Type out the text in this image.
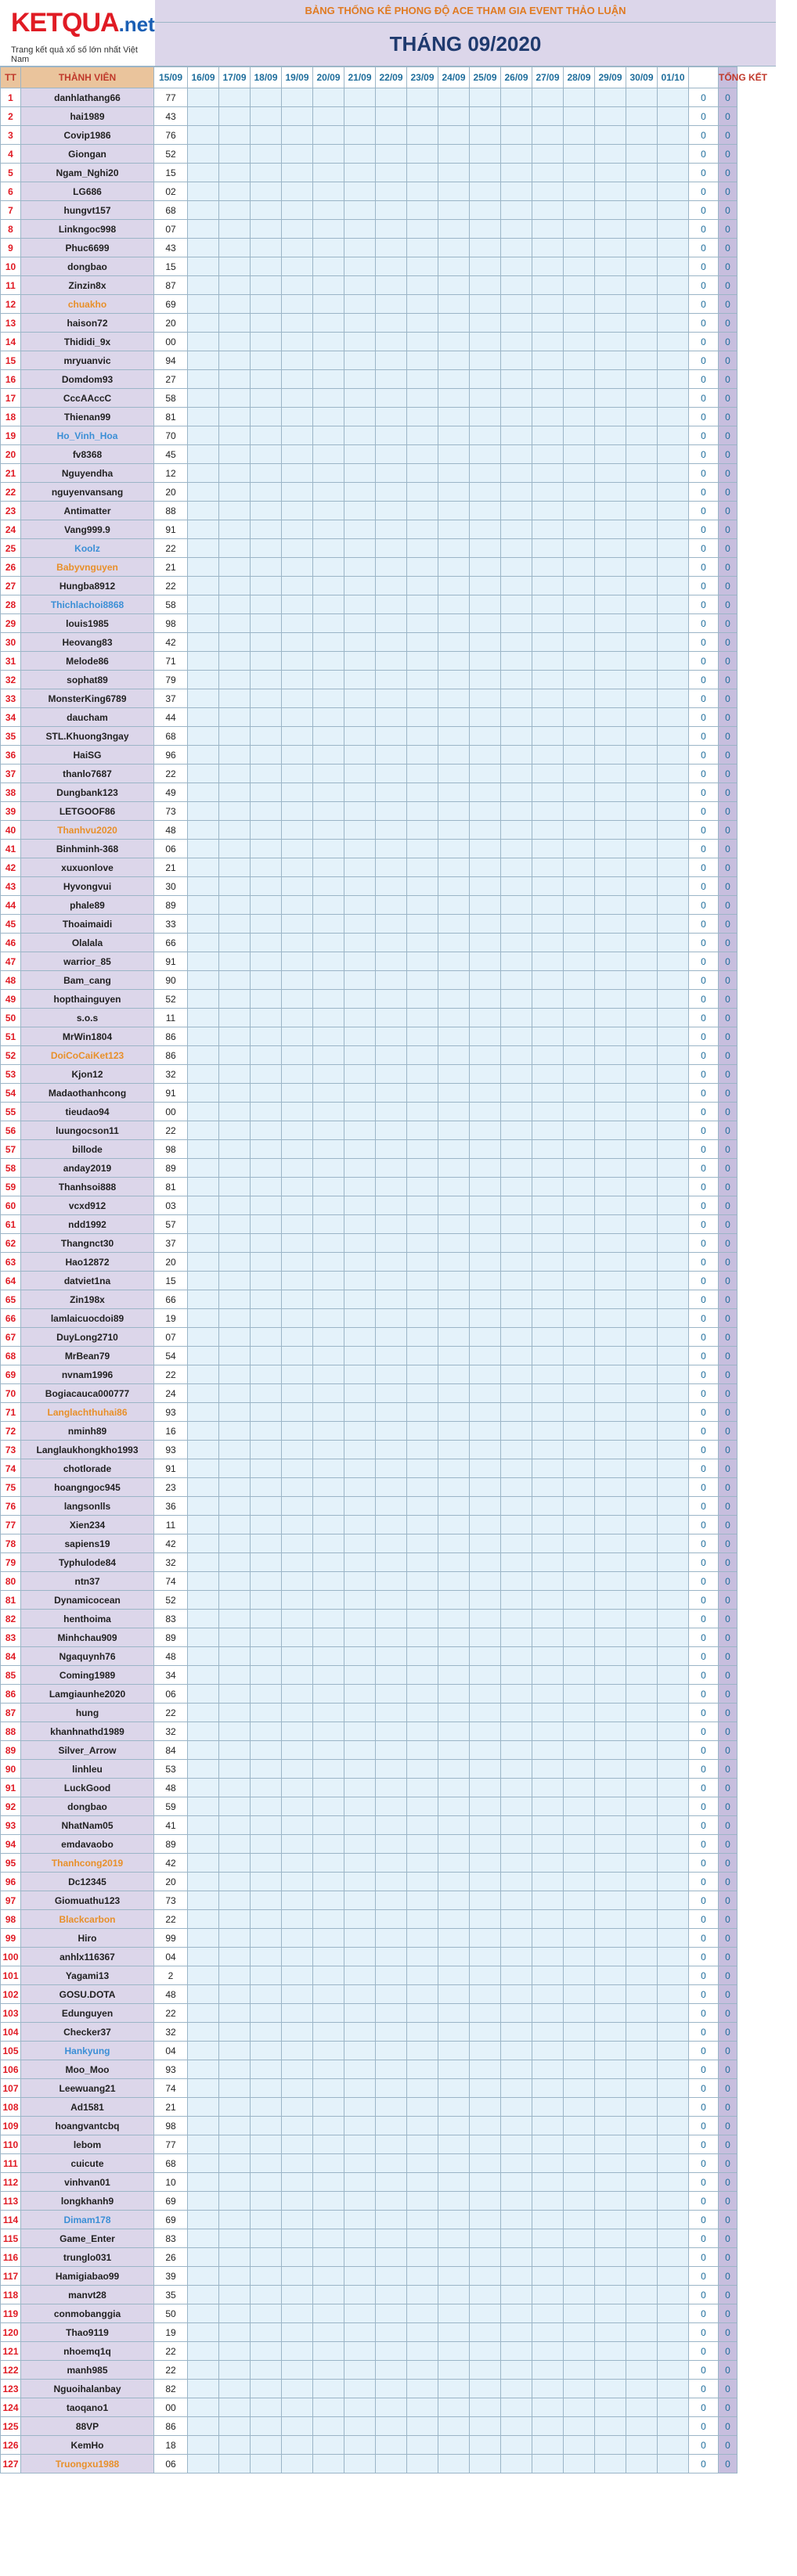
KETQUA.net
Trang kết quả xổ số lớn nhất Việt Nam
BẢNG THỐNG KÊ PHONG ĐỘ ACE THAM GIA EVENT THẢO LUẬN
THÁNG 09/2020
TT	THÀNH VIÊN	15/09	16/09	17/09	18/09	19/09	20/09	21/09	22/09	23/09	24/09	25/09	26/09	27/09	28/09	29/09	30/09	01/10		TỔNG KẾT
1	danhlathang66	77																	0	0
2	hai1989	43																	0	0
3	Covip1986	76																	0	0
4	Giongan	52																	0	0
5	Ngam_Nghi20	15																	0	0
6	LG686	02																	0	0
7	hungvt157	68																	0	0
8	Linkngoc998	07																	0	0
9	Phuc6699	43																	0	0
10	dongbao	15																	0	0
11	Zinzin8x	87																	0	0
12	chuakho	69																	0	0
13	haison72	20																	0	0
14	Thididi_9x	00																	0	0
15	mryuanvic	94																	0	0
16	Domdom93	27																	0	0
17	CccAAccC	58																	0	0
18	Thienan99	81																	0	0
19	Ho_Vinh_Hoa	70																	0	0
20	fv8368	45																	0	0
21	Nguyendha	12																	0	0
22	nguyenvansang	20																	0	0
23	Antimatter	88																	0	0
24	Vang999.9	91																	0	0
25	Koolz	22																	0	0
26	Babyvnguyen	21																	0	0
27	Hungba8912	22																	0	0
28	Thichlachoi8868	58																	0	0
29	louis1985	98																	0	0
30	Heovang83	42																	0	0
31	Melode86	71																	0	0
32	sophat89	79																	0	0
33	MonsterKing6789	37																	0	0
34	daucham	44																	0	0
35	STL.Khuong3ngay	68																	0	0
36	HaiSG	96																	0	0
37	thanlo7687	22																	0	0
38	Dungbank123	49																	0	0
39	LETGOOF86	73																	0	0
40	Thanhvu2020	48																	0	0
41	Binhminh-368	06																	0	0
42	xuxuonlove	21																	0	0
43	Hyvongvui	30																	0	0
44	phale89	89																	0	0
45	Thoaimaidi	33																	0	0
46	Olalala	66																	0	0
47	warrior_85	91																	0	0
48	Bam_cang	90																	0	0
49	hopthainguyen	52																	0	0
50	s.o.s	11																	0	0
51	MrWin1804	86																	0	0
52	DoiCoCaiKet123	86																	0	0
53	Kjon12	32																	0	0
54	Madaothanhcong	91																	0	0
55	tieudao94	00																	0	0
56	luungocson11	22																	0	0
57	billode	98																	0	0
58	anday2019	89																	0	0
59	Thanhsoi888	81																	0	0
60	vcxd912	03																	0	0
61	ndd1992	57																	0	0
62	Thangnct30	37																	0	0
63	Hao12872	20																	0	0
64	datviet1na	15																	0	0
65	Zin198x	66																	0	0
66	lamlaicuocdoi89	19																	0	0
67	DuyLong2710	07																	0	0
68	MrBean79	54																	0	0
69	nvnam1996	22																	0	0
70	Bogiacauca000777	24																	0	0
71	Langlachthuhai86	93																	0	0
72	nminh89	16																	0	0
73	Langlaukhongkho1993	93																	0	0
74	chotlorade	91																	0	0
75	hoangngoc945	23																	0	0
76	langsonlls	36																	0	0
77	Xien234	11																	0	0
78	sapiens19	42																	0	0
79	Typhulode84	32																	0	0
80	ntn37	74																	0	0
81	Dynamicocean	52																	0	0
82	henthoima	83																	0	0
83	Minhchau909	89																	0	0
84	Ngaquynh76	48																	0	0
85	Coming1989	34																	0	0
86	Lamgiaunhe2020	06																	0	0
87	hung	22																	0	0
88	khanhnathd1989	32																	0	0
89	Silver_Arrow	84																	0	0
90	linhleu	53																	0	0
91	LuckGood	48																	0	0
92	dongbao	59																	0	0
93	NhatNam05	41																	0	0
94	emdavaobo	89																	0	0
95	Thanhcong2019	42																	0	0
96	Dc12345	20																	0	0
97	Giomuathu123	73																	0	0
98	Blackcarbon	22																	0	0
99	Hiro	99																	0	0
100	anhlx116367	04																	0	0
101	Yagami13	2																	0	0
102	GOSU.DOTA	48																	0	0
103	Edunguyen	22																	0	0
104	Checker37	32																	0	0
105	Hankyung	04																	0	0
106	Moo_Moo	93																	0	0
107	Leewuang21	74																	0	0
108	Ad1581	21																	0	0
109	hoangvantcbq	98																	0	0
110	lebom	77																	0	0
111	cuicute	68																	0	0
112	vinhvan01	10																	0	0
113	longkhanh9	69																	0	0
114	Dimam178	69																	0	0
115	Game_Enter	83																	0	0
116	trunglo031	26																	0	0
117	Hamigiabao99	39																	0	0
118	manvt28	35																	0	0
119	conmobanggia	50																	0	0
120	Thao9119	19																	0	0
121	nhoemq1q	22																	0	0
122	manh985	22																	0	0
123	Nguoihalanbay	82																	0	0
124	taoqano1	00																	0	0
125	88VP	86																	0	0
126	KemHo	18																	0	0
127	Truongxu1988	06																	0	0
